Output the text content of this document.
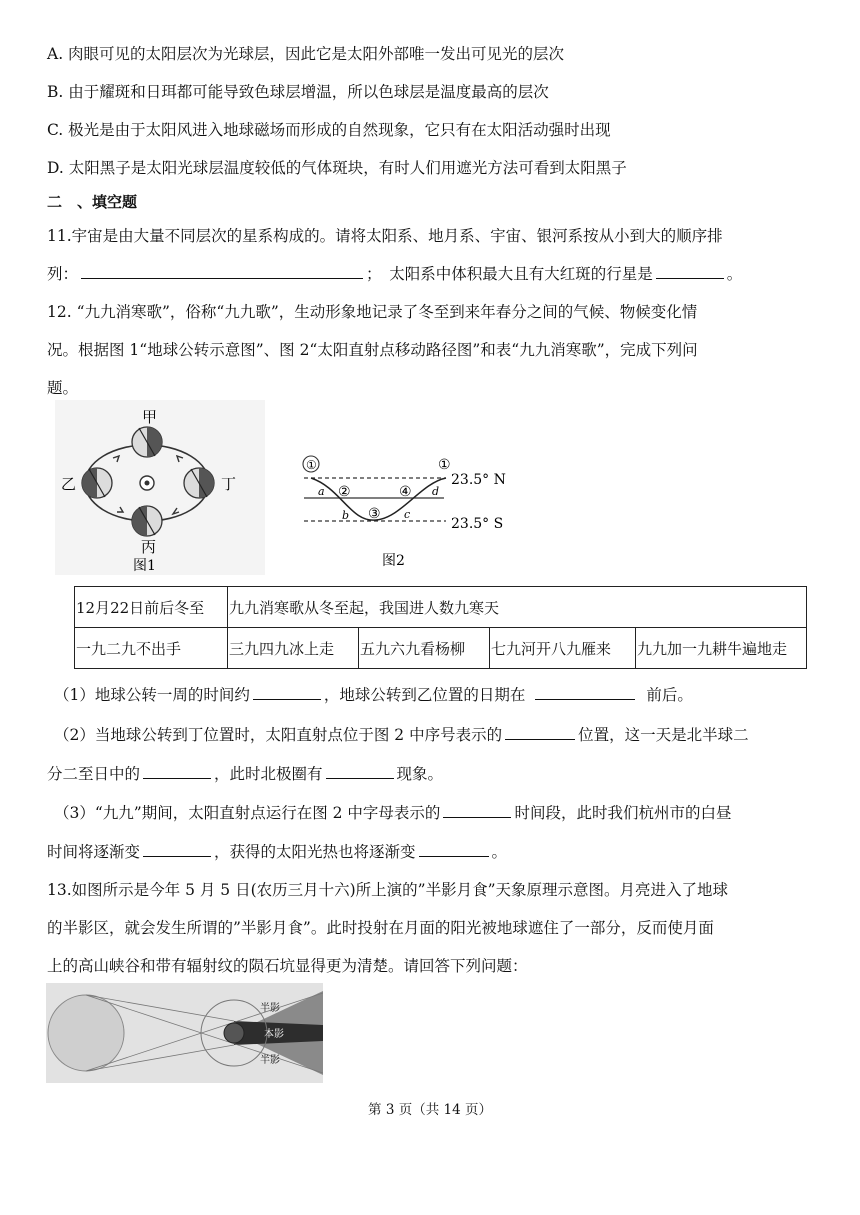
A. 肉眼可见的太阳层次为光球层，因此它是太阳外部唯一发出可见光的层次
B. 由于耀斑和日珥都可能导致色球层增温，所以色球层是温度最高的层次
C. 极光是由于太阳风进入地球磁场而形成的自然现象，它只有在太阳活动强时出现
D. 太阳黑子是太阳光球层温度较低的气体斑块，有时人们用遮光方法可看到太阳黑子
二　、填空题
11.宇宙是由大量不同层次的星系构成的。请将太阳系、地月系、宇宙、银河系按从小到大的顺序排
列：	；　太阳系中体积最大且有大红斑的行星是	。
12. “九九消寒歌”，俗称“九九歌”，生动形象地记录了冬至到来年春分之间的气候、物候变化情
况。根据图 1“地球公转示意图”、图 2“太阳直射点移动路径图”和表“九九消寒歌”，完成下列问
题。
甲
乙
丙
丁
图1
①
②
③
④
①
a
b	c
d
23.5° N
23.5° S
图2
12月22日前后冬至	九九消寒歌从冬至起，我国进人数九寒天			
一九二九不出手	三九四九冰上走	五九六九看杨柳	七九河开八九雁来	九九加一九耕牛遍地走
（1）地球公转一周的时间约	，地球公转到乙位置的日期在	前后。
（2）当地球公转到丁位置时，太阳直射点位于图 2 中序号表示的	位置，这一天是北半球二
分二至日中的	，此时北极圈有	现象。
（3）“九九”期间，太阳直射点运行在图 2 中字母表示的	时间段，此时我们杭州市的白昼
时间将逐渐变	，获得的太阳光热也将逐渐变	。
13.如图所示是今年 5 月 5 日(农历三月十六)所上演的”半影月食”天象原理示意图。月亮进入了地球
的半影区，就会发生所谓的”半影月食”。此时投射在月面的阳光被地球遮住了一部分，反而使月面
上的高山峡谷和带有辐射纹的陨石坑显得更为清楚。请回答下列问题：
半影
本影
半影
第 3 页（共 14 页）
